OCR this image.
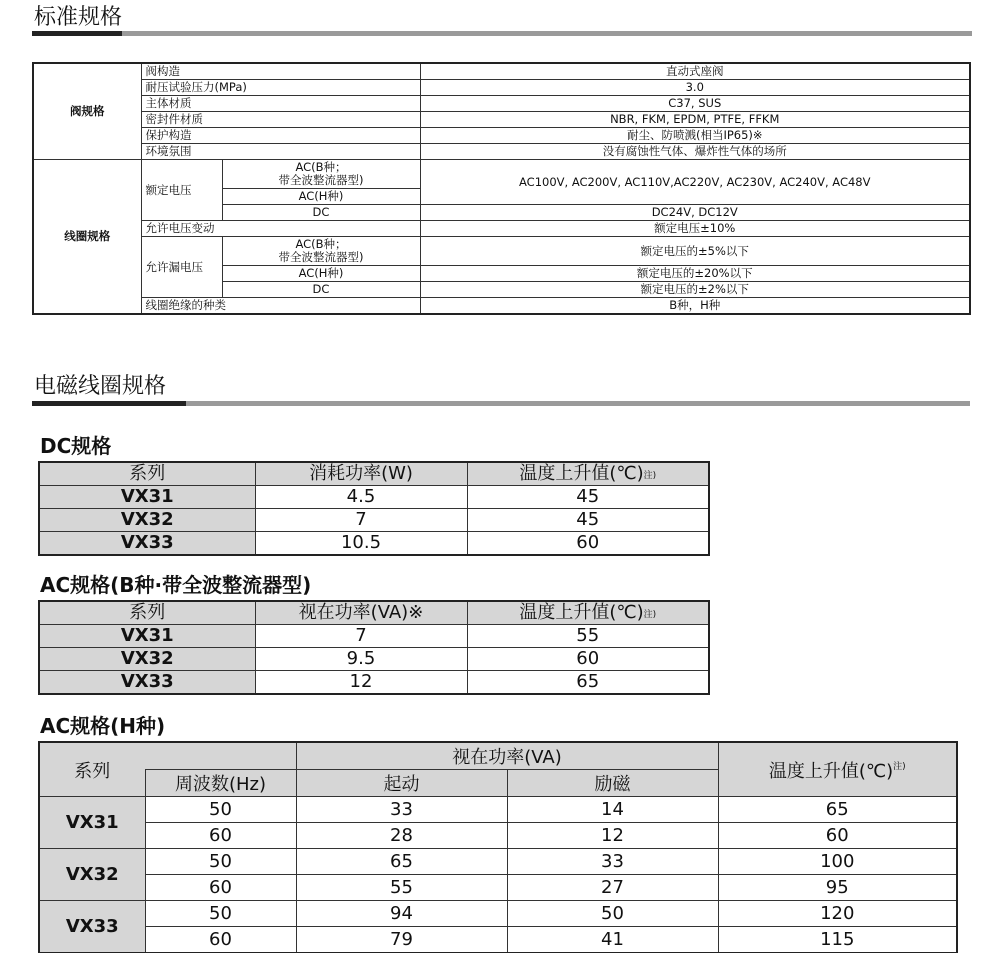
标准规格
阀规格	阀构造		直动式座阀
	耐压试验压力(MPa)		3.0
	主体材质		C37, SUS
	密封件材质		NBR, FKM, EPDM, PTFE, FFKM
	保护构造		耐尘、防喷溅(相当IP65)※
	环境氛围		没有腐蚀性气体、爆炸性气体的场所
线圈规格	额定电压	AC(B种；
带全波整流器型)	AC100V, AC200V, AC110V,AC220V, AC230V, AC240V, AC48V
		AC(H种)	
		DC	DC24V, DC12V
	允许电压变动		额定电压±10%
	允许漏电压	AC(B种；
带全波整流器型)	额定电压的±5%以下
		AC(H种)	额定电压的±20%以下
		DC	额定电压的±2%以下
	线圈绝缘的种类		B种，H种
电磁线圈规格
DC规格
系列	消耗功率(W)	温度上升值(℃)$^{注)}$
VX31	4.5	45
VX32	7	45
VX33	10.5	60
AC规格(B种·带全波整流器型)
系列	视在功率(VA)※	温度上升值(℃)$^{注)}$
VX31	7	55
VX32	9.5	60
VX33	12	65
AC规格(H种)
		视在功率(VA)		温度上升值(℃)$^{注)}$
系列	周波数(Hz)	起动	励磁	
VX31	50	33	14	65
	60	28	12	60
VX32	50	65	33	100
	60	55	27	95
VX33	50	94	50	120
	60	79	41	115
